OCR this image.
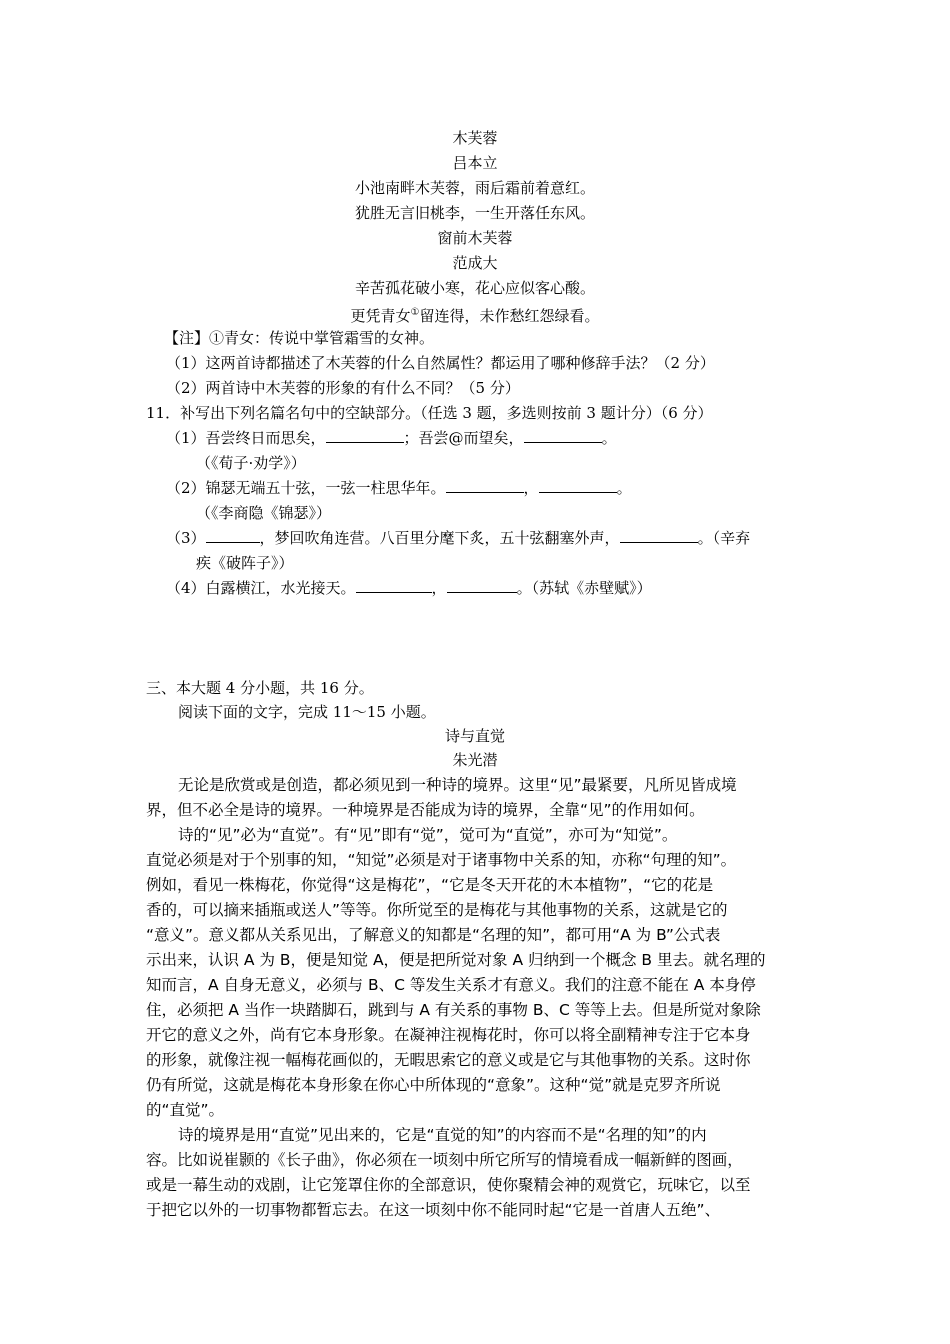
木芙蓉
吕本立
小池南畔木芙蓉，雨后霜前着意红。
犹胜无言旧桃李，一生开落任东风。
窗前木芙蓉
范成大
辛苦孤花破小寒，花心应似客心酸。
更凭青女①留连得，未作愁红怨绿看。
【注】①青女：传说中掌管霜雪的女神。
（1）这两首诗都描述了木芙蓉的什么自然属性？都运用了哪种修辞手法？（2 分）
（2）两首诗中木芙蓉的形象的有什么不同？（5 分）
11．补写出下列名篇名句中的空缺部分。（任选 3 题，多选则按前 3 题计分）（6 分）
（1）吾尝终日而思矣，	；吾尝@而望矣，	。
（《荀子·劝学》）
（2）锦瑟无端五十弦，一弦一柱思华年。	，	。
（《李商隐《锦瑟》）
（3）	，梦回吹角连营。八百里分麾下炙，五十弦翻塞外声，	。（辛弃
疾《破阵子》）
（4）白露横江，水光接天。	，	。（苏轼《赤壁赋》）
三、本大题 4 分小题，共 16 分。
阅读下面的文字，完成 11～15 小题。
诗与直觉
朱光潜
无论是欣赏或是创造，都必须见到一种诗的境界。这里“见”最紧要，凡所见皆成境
界，但不必全是诗的境界。一种境界是否能成为诗的境界，全靠“见”的作用如何。
诗的“见”必为“直觉”。有“见”即有“觉”，觉可为“直觉”，亦可为“知觉”。
直觉必须是对于个别事的知，“知觉”必须是对于诸事物中关系的知，亦称“句理的知”。
例如，看见一株梅花，你觉得“这是梅花”，“它是冬天开花的木本植物”，“它的花是
香的，可以摘来插瓶或送人”等等。你所觉至的是梅花与其他事物的关系，这就是它的
“意义”。意义都从关系见出，了解意义的知都是“名理的知”，都可用“A 为 B”公式表
示出来，认识 A 为 B，便是知觉 A，便是把所觉对象 A 归纳到一个概念 B 里去。就名理的
知而言，A 自身无意义，必须与 B、C 等发生关系才有意义。我们的注意不能在 A 本身停
住，必须把 A 当作一块踏脚石，跳到与 A 有关系的事物 B、C 等等上去。但是所觉对象除
开它的意义之外，尚有它本身形象。在凝神注视梅花时，你可以将全副精神专注于它本身
的形象，就像注视一幅梅花画似的，无暇思索它的意义或是它与其他事物的关系。这时你
仍有所觉，这就是梅花本身形象在你心中所体现的“意象”。这种“觉”就是克罗齐所说
的“直觉”。
诗的境界是用“直觉”见出来的，它是“直觉的知”的内容而不是“名理的知”的内
容。比如说崔颢的《长子曲》，你必须在一顷刻中所它所写的情境看成一幅新鲜的图画，
或是一幕生动的戏剧，让它笼罩住你的全部意识，使你聚精会神的观赏它，玩味它，以至
于把它以外的一切事物都暂忘去。在这一顷刻中你不能同时起“它是一首唐人五绝”、
